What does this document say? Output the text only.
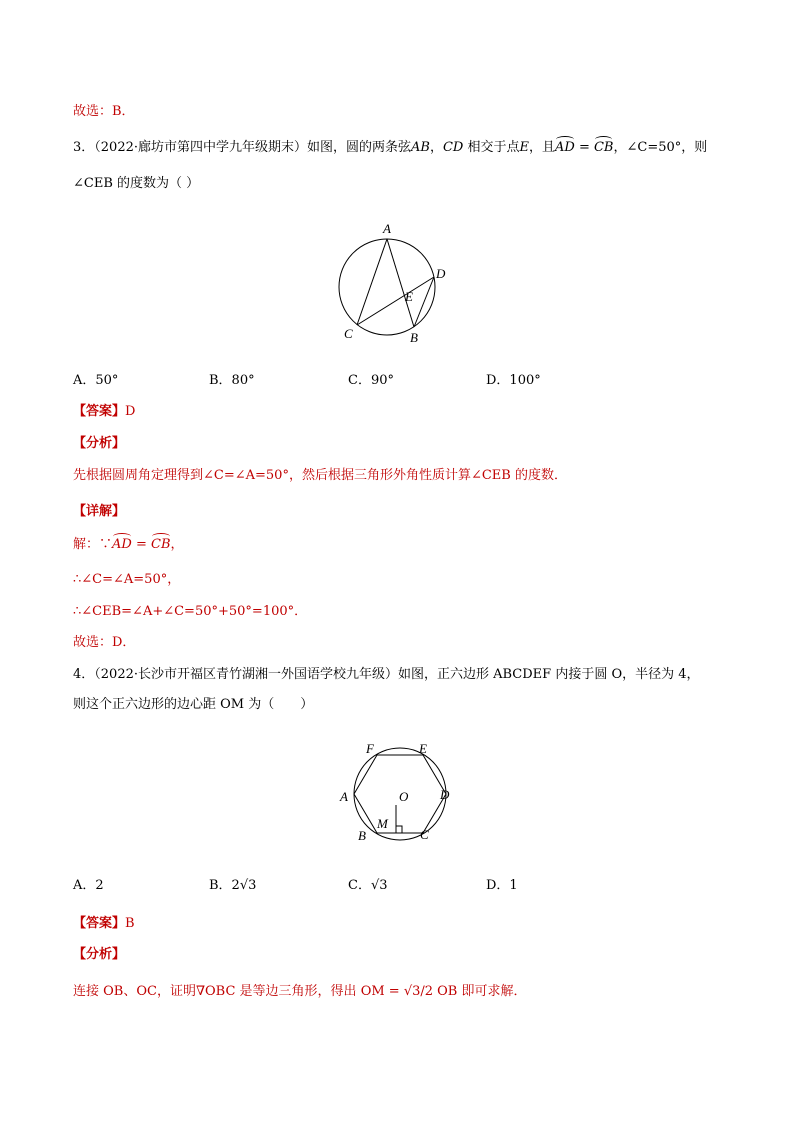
故选：B．
3．（2022·廊坊市第四中学九年级期末）如图，圆的两条弦AB，CD 相交于点E，且AD = CB，∠C=50°，则
∠CEB 的度数为（ ）
A
D
E
C	B
A．50°	B．80°	C．90°	D．100°
【答案】D
【分析】
先根据圆周角定理得到∠C=∠A=50°，然后根据三角形外角性质计算∠CEB 的度数．
【详解】
解：∵AD = CB，
∴∠C=∠A=50°，
∴∠CEB=∠A+∠C=50°+50°=100°．
故选：D．
4．（2022·长沙市开福区青竹湖湘一外国语学校九年级）如图，正六边形 ABCDEF 内接于圆 O，半径为 4，
则这个正六边形的边心距 OM 为（　　）
F	E
A	D
O
M
B	C
A．2	B．2√3	C．√3	D．1
【答案】B
【分析】
连接 OB、OC，证明∇OBC 是等边三角形，得出 OM = √3/2 OB 即可求解．
